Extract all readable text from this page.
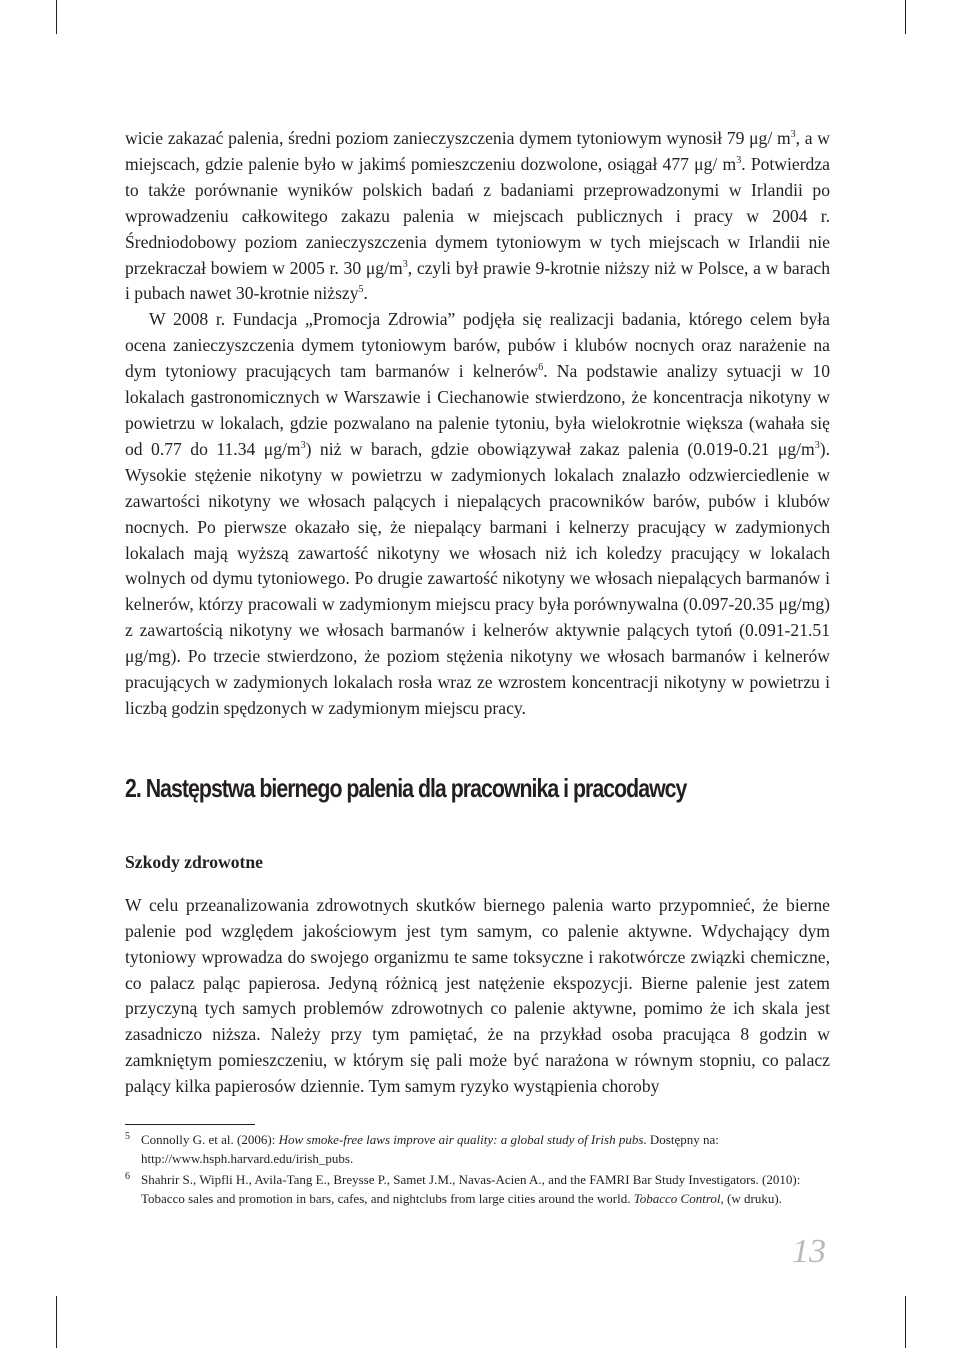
wicie zakazać palenia, średni poziom zanieczyszczenia dymem tytoniowym wynosił 79 μg/ $m^3$, a w miejscach, gdzie palenie było w jakimś pomieszczeniu dozwolone, osiągał 477 μg/ $m^3$. Potwierdza to także porównanie wyników polskich badań z badaniami przeprowadzonymi w Irlandii po wprowadzeniu całkowitego zakazu palenia w miejscach publicznych i pracy w 2004 r. Średniodobowy poziom zanieczyszczenia dymem tytoniowym w tych miejscach w Irlandii nie przekraczał bowiem w 2005 r. 30 $\mu g/m^3$, czyli był prawie 9-krotnie niższy niż w Polsce, a w barach i pubach nawet 30-krotnie niższy$^5$.

W 2008 r. Fundacja „Promocja Zdrowia” podjęła się realizacji badania, którego celem była ocena zanieczyszczenia dymem tytoniowym barów, pubów i klubów nocnych oraz narażenie na dym tytoniowy pracujących tam barmanów i kelnerów$^6$. Na podstawie analizy sytuacji w 10 lokalach gastronomicznych w Warszawie i Ciechanowie stwierdzono, że koncentracja nikotyny w powietrzu w lokalach, gdzie pozwalano na palenie tytoniu, była wielokrotnie większa (wahała się od 0.77 do 11.34 $\mu g/m^3$) niż w barach, gdzie obowiązywał zakaz palenia (0.019-0.21 $\mu g/m^3$). Wysokie stężenie nikotyny w powietrzu w zadymionych lokalach znalazło odzwierciedlenie w zawartości nikotyny we włosach palących i niepalących pracowników barów, pubów i klubów nocnych. Po pierwsze okazało się, że niepalący barmani i kelnerzy pracujący w zadymionych lokalach mają wyższą zawartość nikotyny we włosach niż ich koledzy pracujący w lokalach wolnych od dymu tytoniowego. Po drugie zawartość nikotyny we włosach niepalących barmanów i kelnerów, którzy pracowali w zadymionym miejscu pracy była porównywalna (0.097-20.35 μg/mg) z zawartością nikotyny we włosach barmanów i kelnerów aktywnie palących tytoń (0.091-21.51 μg/mg). Po trzecie stwierdzono, że poziom stężenia nikotyny we włosach barmanów i kelnerów pracujących w zadymionych lokalach rosła wraz ze wzrostem koncentracji nikotyny w powietrzu i liczbą godzin spędzonych w zadymionym miejscu pracy.

2. Następstwa biernego palenia dla pracownika i pracodawcy
Szkody zdrowotne

W celu przeanalizowania zdrowotnych skutków biernego palenia warto przypomnieć, że bierne palenie pod względem jakościowym jest tym samym, co palenie aktywne. Wdychający dym tytoniowy wprowadza do swojego organizmu te same toksyczne i rakotwórcze związki chemiczne, co palacz paląc papierosa. Jedyną różnicą jest natężenie ekspozycji. Bierne palenie jest zatem przyczyną tych samych problemów zdrowotnych co palenie aktywne, pomimo że ich skala jest zasadniczo niższa. Należy przy tym pamiętać, że na przykład osoba pracująca 8 godzin w zamkniętym pomieszczeniu, w którym się pali może być narażona w równym stopniu, co palacz palący kilka papierosów dziennie. Tym samym ryzyko wystąpienia choroby

5 Connolly G. et al. (2006): How smoke-free laws improve air quality: a global study of Irish pubs. Dostępny na: http://www.hsph.harvard.edu/irish_pubs.
6 Shahrir S., Wipfli H., Avila-Tang E., Breysse P., Samet J.M., Navas-Acien A., and the FAMRI Bar Study Investigators. (2010): Tobacco sales and promotion in bars, cafes, and nightclubs from large cities around the world. Tobacco Control, (w druku).
13
